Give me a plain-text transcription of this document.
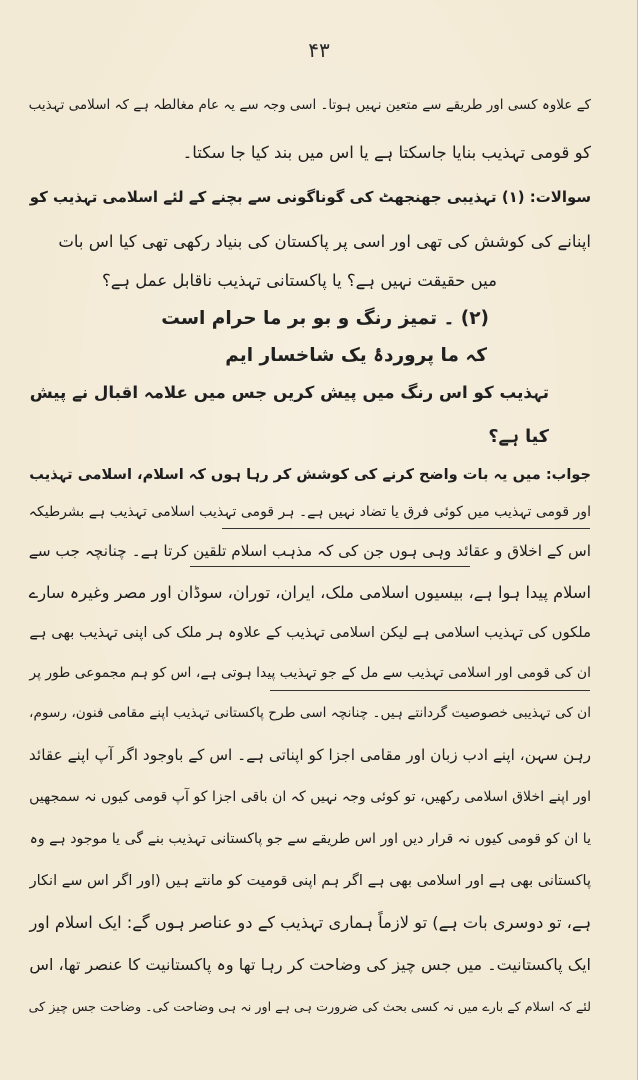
۴۳
کے علاوہ کسی اور طریقے سے متعین نہیں ہوتا۔ اسی وجہ سے یہ عام مغالطہ ہے کہ اسلامی تہذیب
کو قومی تہذیب بنایا جاسکتا ہے یا اس میں بند کیا جا سکتا۔
سوالات: (۱) تہذیبی جھنجھٹ کی گوناگونی سے بچنے کے لئے اسلامی تہذیب کو
اپنانے کی کوشش کی تھی اور اسی پر پاکستان کی بنیاد رکھی تھی کیا اس بات
میں حقیقت نہیں ہے؟ یا پاکستانی تہذیب ناقابل عمل ہے؟
(۲) ۔ تمیز رنگ و بو بر ما حرام است
کہ ما پروردۂ یک شاخسار ایم
تہذیب کو اس رنگ میں پیش کریں جس میں علامہ اقبال نے پیش
کیا ہے؟
جواب: میں یہ بات واضح کرنے کی کوشش کر رہا ہوں کہ اسلام، اسلامی تہذیب
اور قومی تہذیب میں کوئی فرق یا تضاد نہیں ہے۔ ہر قومی تہذیب اسلامی تہذیب ہے بشرطیکہ
اس کے اخلاق و عقائد وہی ہوں جن کی کہ مذہب اسلام تلقین کرتا ہے۔ چنانچہ جب سے
اسلام پیدا ہوا ہے، بیسیوں اسلامی ملک، ایران، توران، سوڈان اور مصر وغیرہ سارے
ملکوں کی تہذیب اسلامی ہے لیکن اسلامی تہذیب کے علاوہ ہر ملک کی اپنی تہذیب بھی ہے
ان کی قومی اور اسلامی تہذیب سے مل کے جو تہذیب پیدا ہوتی ہے، اس کو ہم مجموعی طور پر
ان کی تہذیبی خصوصیت گردانتے ہیں۔ چنانچہ اسی طرح پاکستانی تہذیب اپنے مقامی فنون، رسوم،
رہن سہن، اپنے ادب زبان اور مقامی اجزا کو اپناتی ہے۔ اس کے باوجود اگر آپ اپنے عقائد
اور اپنے اخلاق اسلامی رکھیں، تو کوئی وجہ نہیں کہ ان باقی اجزا کو آپ قومی کیوں نہ سمجھیں
یا ان کو قومی کیوں نہ قرار دیں اور اس طریقے سے جو پاکستانی تہذیب بنے گی یا موجود ہے وہ
پاکستانی بھی ہے اور اسلامی بھی ہے اگر ہم اپنی قومیت کو مانتے ہیں (اور اگر اس سے انکار
ہے، تو دوسری بات ہے) تو لازماً ہماری تہذیب کے دو عناصر ہوں گے: ایک اسلام اور
ایک پاکستانیت۔ میں جس چیز کی وضاحت کر رہا تھا وہ پاکستانیت کا عنصر تھا، اس
لئے کہ اسلام کے بارے میں نہ کسی بحث کی ضرورت ہی ہے اور نہ ہی وضاحت کی۔ وضاحت جس چیز کی
